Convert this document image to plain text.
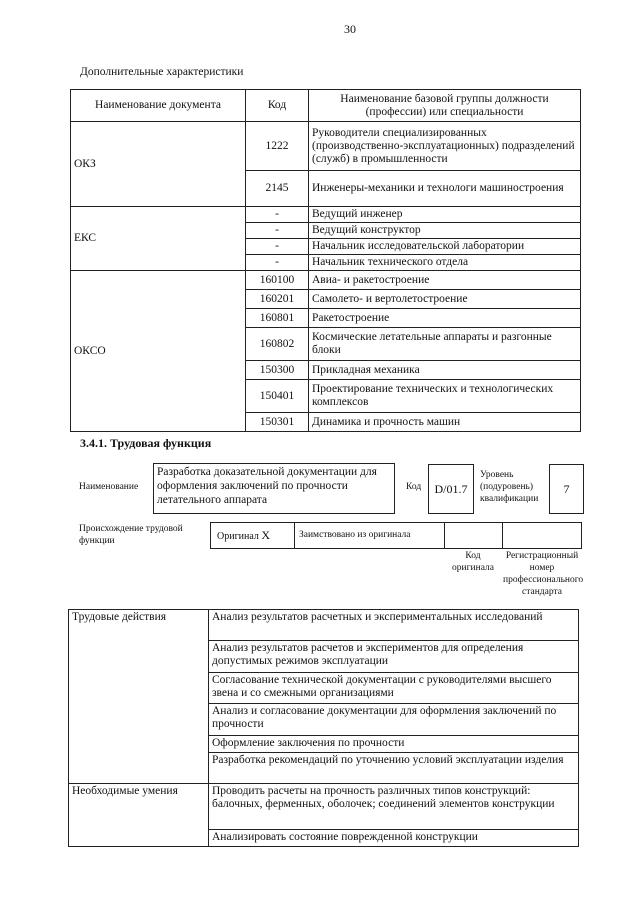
30
Дополнительные характеристики
Наименование документа	Код	Наименование базовой группы должности (профессии) или специальности
ОКЗ	1222	Руководители специализированных (производственно-эксплуатационных) подразделений (служб) в промышленности
	2145	Инженеры-механики и технологи машиностроения
ЕКС	-	Ведущий инженер
	-	Ведущий конструктор
	-	Начальник исследовательской лаборатории
	-	Начальник технического отдела
ОКСО	160100	Авиа- и ракетостроение
	160201	Самолето- и вертолетостроение
	160801	Ракетостроение
	160802	Космические летательные аппараты и разгонные блоки
	150300	Прикладная механика
	150401	Проектирование технических и технологических комплексов
	150301	Динамика и прочность машин
3.4.1. Трудовая функция
Наименование
Разработка доказательной документации для оформления заключений по прочности летательного аппарата
Код	D/01.7
Уровень (подуровень) квалификации
7
Происхождение трудовой функции	Оригинал X	Заимствовано из оригинала
Код оригинала
Регистрационный номер профессионального стандарта
Трудовые действия	Анализ результатов расчетных и экспериментальных исследований
	Анализ результатов расчетов и экспериментов для определения допустимых режимов эксплуатации
	Согласование технической документации с руководителями высшего звена и со смежными организациями
	Анализ и согласование документации для оформления заключений по прочности
	Оформление заключения по прочности
	Разработка рекомендаций по уточнению условий эксплуатации изделия
Необходимые умения	Проводить расчеты на прочность различных типов конструкций: балочных, ферменных, оболочек; соединений элементов конструкции
	Анализировать состояние поврежденной конструкции
